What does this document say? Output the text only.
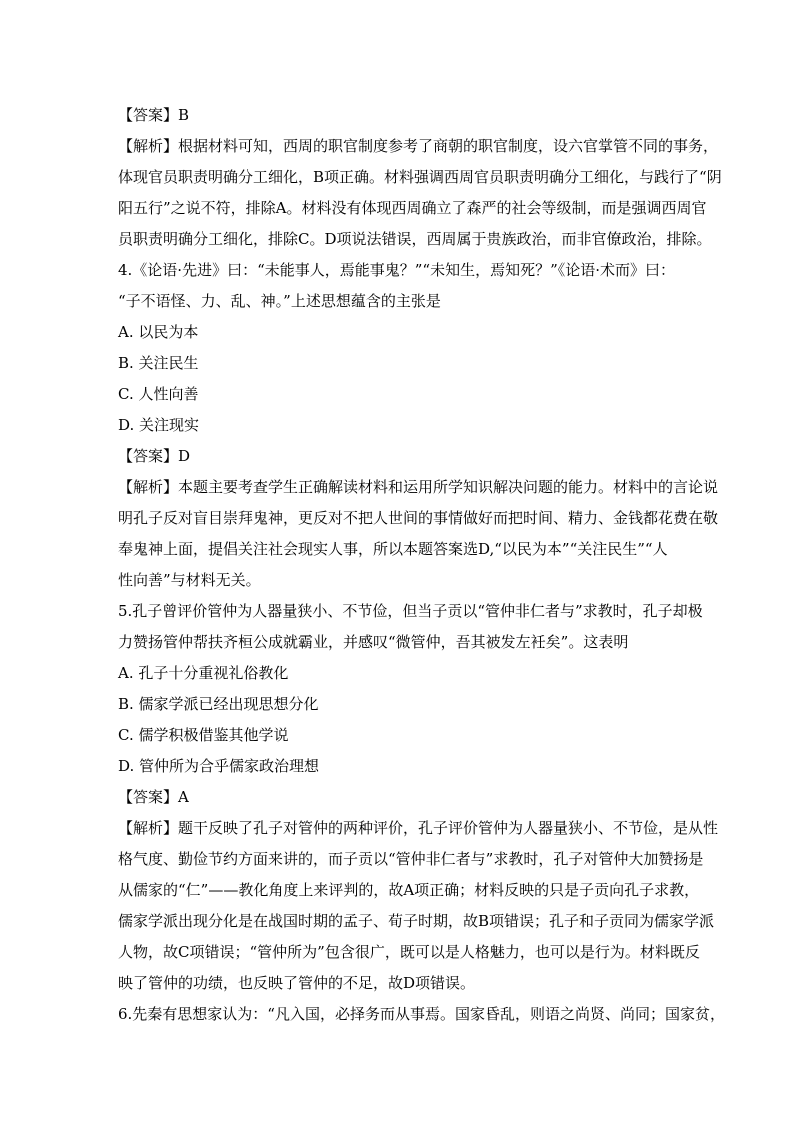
【答案】B
【解析】根据材料可知，西周的职官制度参考了商朝的职官制度，设六官掌管不同的事务，
体现官员职责明确分工细化，B项正确。材料强调西周官员职责明确分工细化，与践行了“阴
阳五行”之说不符，排除A。材料没有体现西周确立了森严的社会等级制，而是强调西周官
员职责明确分工细化，排除C。D项说法错误，西周属于贵族政治，而非官僚政治，排除。
4.《论语·先进》曰：“未能事人，焉能事鬼？”“未知生，焉知死？”《论语·术而》曰：
“子不语怪、力、乱、神。”上述思想蕴含的主张是
A. 以民为本
B. 关注民生
C. 人性向善
D. 关注现实
【答案】D
【解析】本题主要考查学生正确解读材料和运用所学知识解决问题的能力。材料中的言论说
明孔子反对盲目崇拜鬼神，更反对不把人世间的事情做好而把时间、精力、金钱都花费在敬
奉鬼神上面，提倡关注社会现实人事，所以本题答案选D,“以民为本”“关注民生”“人
性向善”与材料无关。
5.孔子曾评价管仲为人器量狭小、不节俭，但当子贡以“管仲非仁者与”求教时，孔子却极
力赞扬管仲帮扶齐桓公成就霸业，并感叹“微管仲，吾其被发左衽矣”。这表明
A. 孔子十分重视礼俗教化
B. 儒家学派已经出现思想分化
C. 儒学积极借鉴其他学说
D. 管仲所为合乎儒家政治理想
【答案】A
【解析】题干反映了孔子对管仲的两种评价，孔子评价管仲为人器量狭小、不节俭，是从性
格气度、勤俭节约方面来讲的，而子贡以“管仲非仁者与”求教时，孔子对管仲大加赞扬是
从儒家的“仁”——教化角度上来评判的，故A项正确；材料反映的只是子贡向孔子求教，
儒家学派出现分化是在战国时期的孟子、荀子时期，故B项错误；孔子和子贡同为儒家学派
人物，故C项错误；“管仲所为”包含很广，既可以是人格魅力，也可以是行为。材料既反
映了管仲的功绩，也反映了管仲的不足，故D项错误。
6.先秦有思想家认为：“凡入国，必择务而从事焉。国家昏乱，则语之尚贤、尚同；国家贫，
